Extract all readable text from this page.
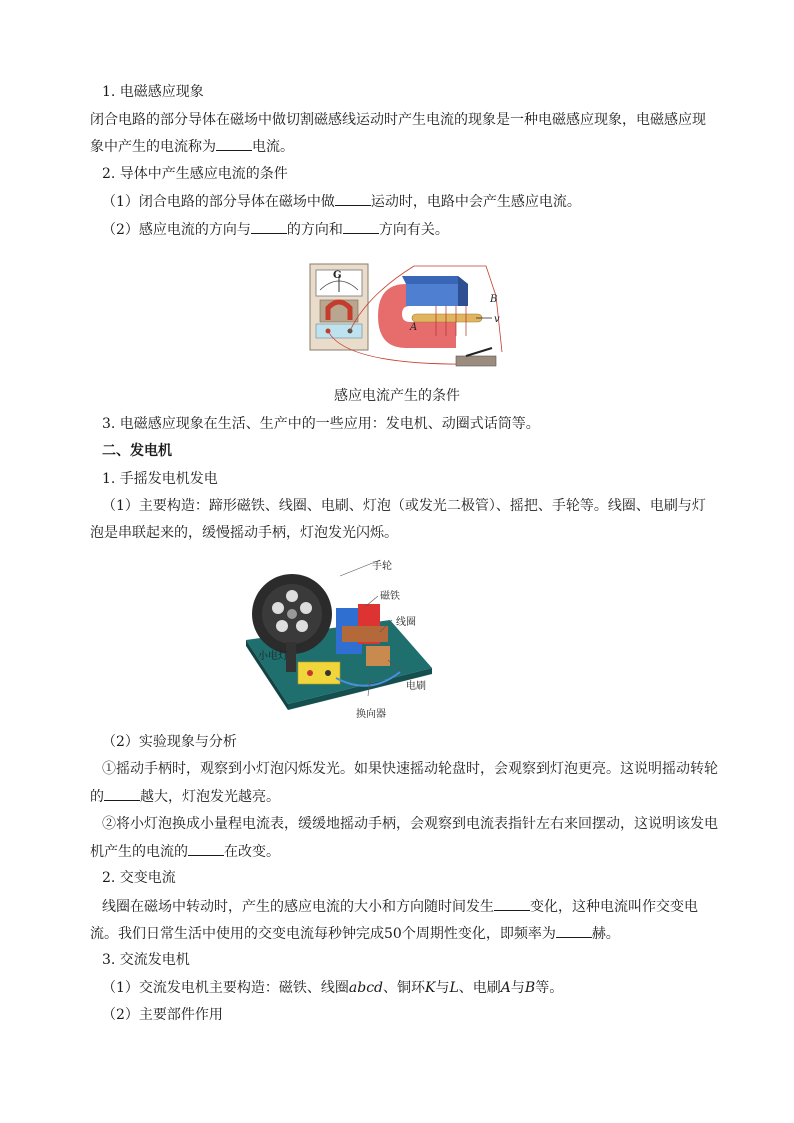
1. 电磁感应现象
闭合电路的部分导体在磁场中做切割磁感线运动时产生电流的现象是一种电磁感应现象，电磁感应现
象中产生的电流称为	电流。
2. 导体中产生感应电流的条件
（1）闭合电路的部分导体在磁场中做	运动时，电路中会产生感应电流。
（2）感应电流的方向与	的方向和	方向有关。
G
B
A
v
感应电流产生的条件
3. 电磁感应现象在生活、生产中的一些应用：发电机、动圈式话筒等。
二、发电机
1. 手摇发电机发电
（1）主要构造：蹄形磁铁、线圈、电刷、灯泡（或发光二极管）、摇把、手轮等。线圈、电刷与灯
泡是串联起来的，缓慢摇动手柄，灯泡发光闪烁。
手轮
磁铁
线圈
小电灯
电刷
换向器
（2）实验现象与分析
①摇动手柄时，观察到小灯泡闪烁发光。如果快速摇动轮盘时，会观察到灯泡更亮。这说明摇动转轮
的	越大，灯泡发光越亮。
②将小灯泡换成小量程电流表，缓缓地摇动手柄，会观察到电流表指针左右来回摆动，这说明该发电
机产生的电流的	在改变。
2. 交变电流
线圈在磁场中转动时，产生的感应电流的大小和方向随时间发生	变化，这种电流叫作交变电
流。我们日常生活中使用的交变电流每秒钟完成50个周期性变化，即频率为	赫。
3. 交流发电机
（1）交流发电机主要构造：磁铁、线圈abcd、铜环K与L、电刷A与B等。
（2）主要部件作用
